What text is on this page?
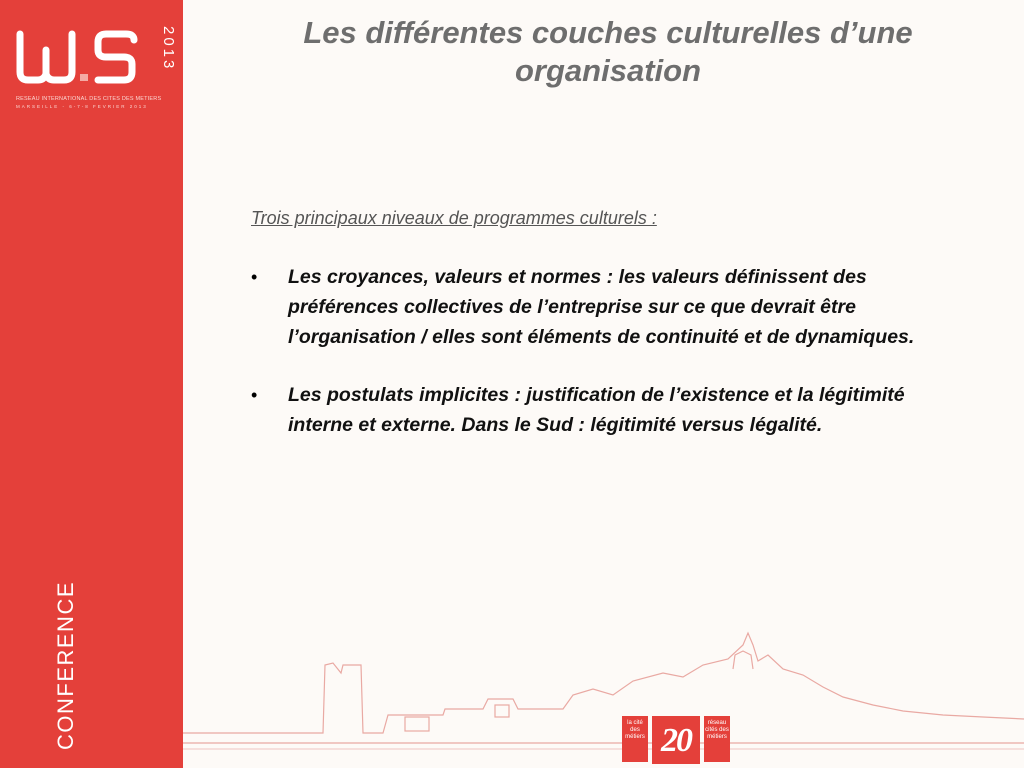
2013
RESEAU INTERNATIONAL DES CITES DES METIERS
MARSEILLE - 6-7-8 FEVRIER 2013
CONFERENCE
Les différentes couches culturelles d’une organisation
Trois principaux niveaux de programmes culturels :
• Les croyances, valeurs et normes : les valeurs définissent des préférences collectives de l’entreprise sur ce que devrait être l’organisation / elles sont éléments de continuité et de dynamiques.
• Les postulats implicites : justification de l’existence et la légitimité interne et externe. Dans le Sud : légitimité versus légalité.
la cité des métiers 20	réseau cités des métiers
